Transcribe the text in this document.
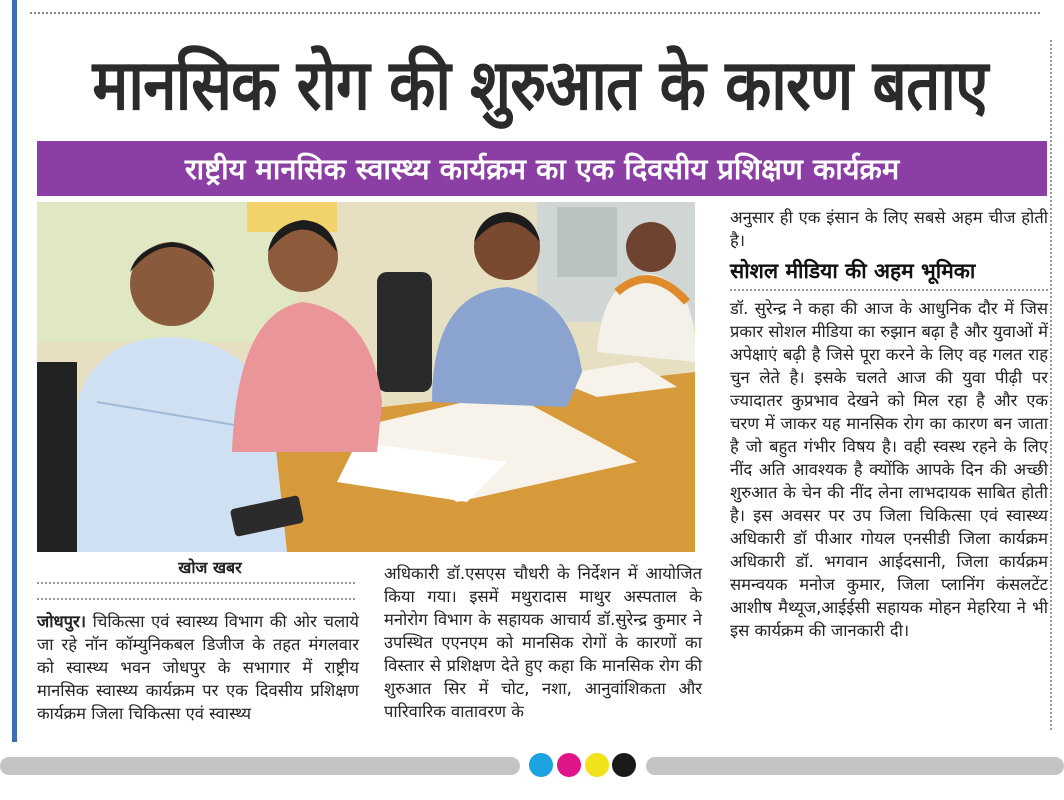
मानसिक रोग की शुरुआत के कारण बताए
राष्ट्रीय मानसिक स्वास्थ्य कार्यक्रम का एक दिवसीय प्रशिक्षण कार्यक्रम
खोज खबर

जोधपुर। चिकित्सा एवं स्वास्थ्य विभाग की ओर चलाये जा रहे नॉन कॉम्युनिकबल डिजीज के तहत मंगलवार को स्वास्थ्य भवन जोधपुर के सभागार में राष्ट्रीय मानसिक स्वास्थ्य कार्यक्रम पर एक दिवसीय प्रशिक्षण कार्यक्रम जिला चिकित्सा एवं स्वास्थ्य

अधिकारी डॉ.एसएस चौधरी के निर्देशन में आयोजित किया गया। इसमें मथुरादास माथुर अस्पताल के मनोरोग विभाग के सहायक आचार्य डॉ.सुरेन्द्र कुमार ने उपस्थित एएनएम को मानसिक रोगों के कारणों का विस्तार से प्रशिक्षण देते हुए कहा कि मानसिक रोग की शुरुआत सिर में चोट, नशा, आनुवांशिकता और पारिवारिक वातावरण के

अनुसार ही एक इंसान के लिए सबसे अहम चीज होती है।

सोशल मीडिया की अहम भूमिका

डॉ. सुरेन्द्र ने कहा की आज के आधुनिक दौर में जिस प्रकार सोशल मीडिया का रुझान बढ़ा है और युवाओं में अपेक्षाएं बढ़ी है जिसे पूरा करने के लिए वह गलत राह चुन लेते है। इसके चलते आज की युवा पीढ़ी पर ज्यादातर कुप्रभाव देखने को मिल रहा है और एक चरण में जाकर यह मानसिक रोग का कारण बन जाता है जो बहुत गंभीर विषय है। वही स्वस्थ रहने के लिए नींद अति आवश्यक है क्योंकि आपके दिन की अच्छी शुरुआत के चेन की नींद लेना लाभदायक साबित होती है। इस अवसर पर उप जिला चिकित्सा एवं स्वास्थ्य अधिकारी डॉ पीआर गोयल एनसीडी जिला कार्यक्रम अधिकारी डॉ. भगवान आईदसानी, जिला कार्यक्रम समन्वयक मनोज कुमार, जिला प्लानिंग कंसलटेंट आशीष मैथ्यूज,आईईसी सहायक मोहन मेहरिया ने भी इस कार्यक्रम की जानकारी दी।
